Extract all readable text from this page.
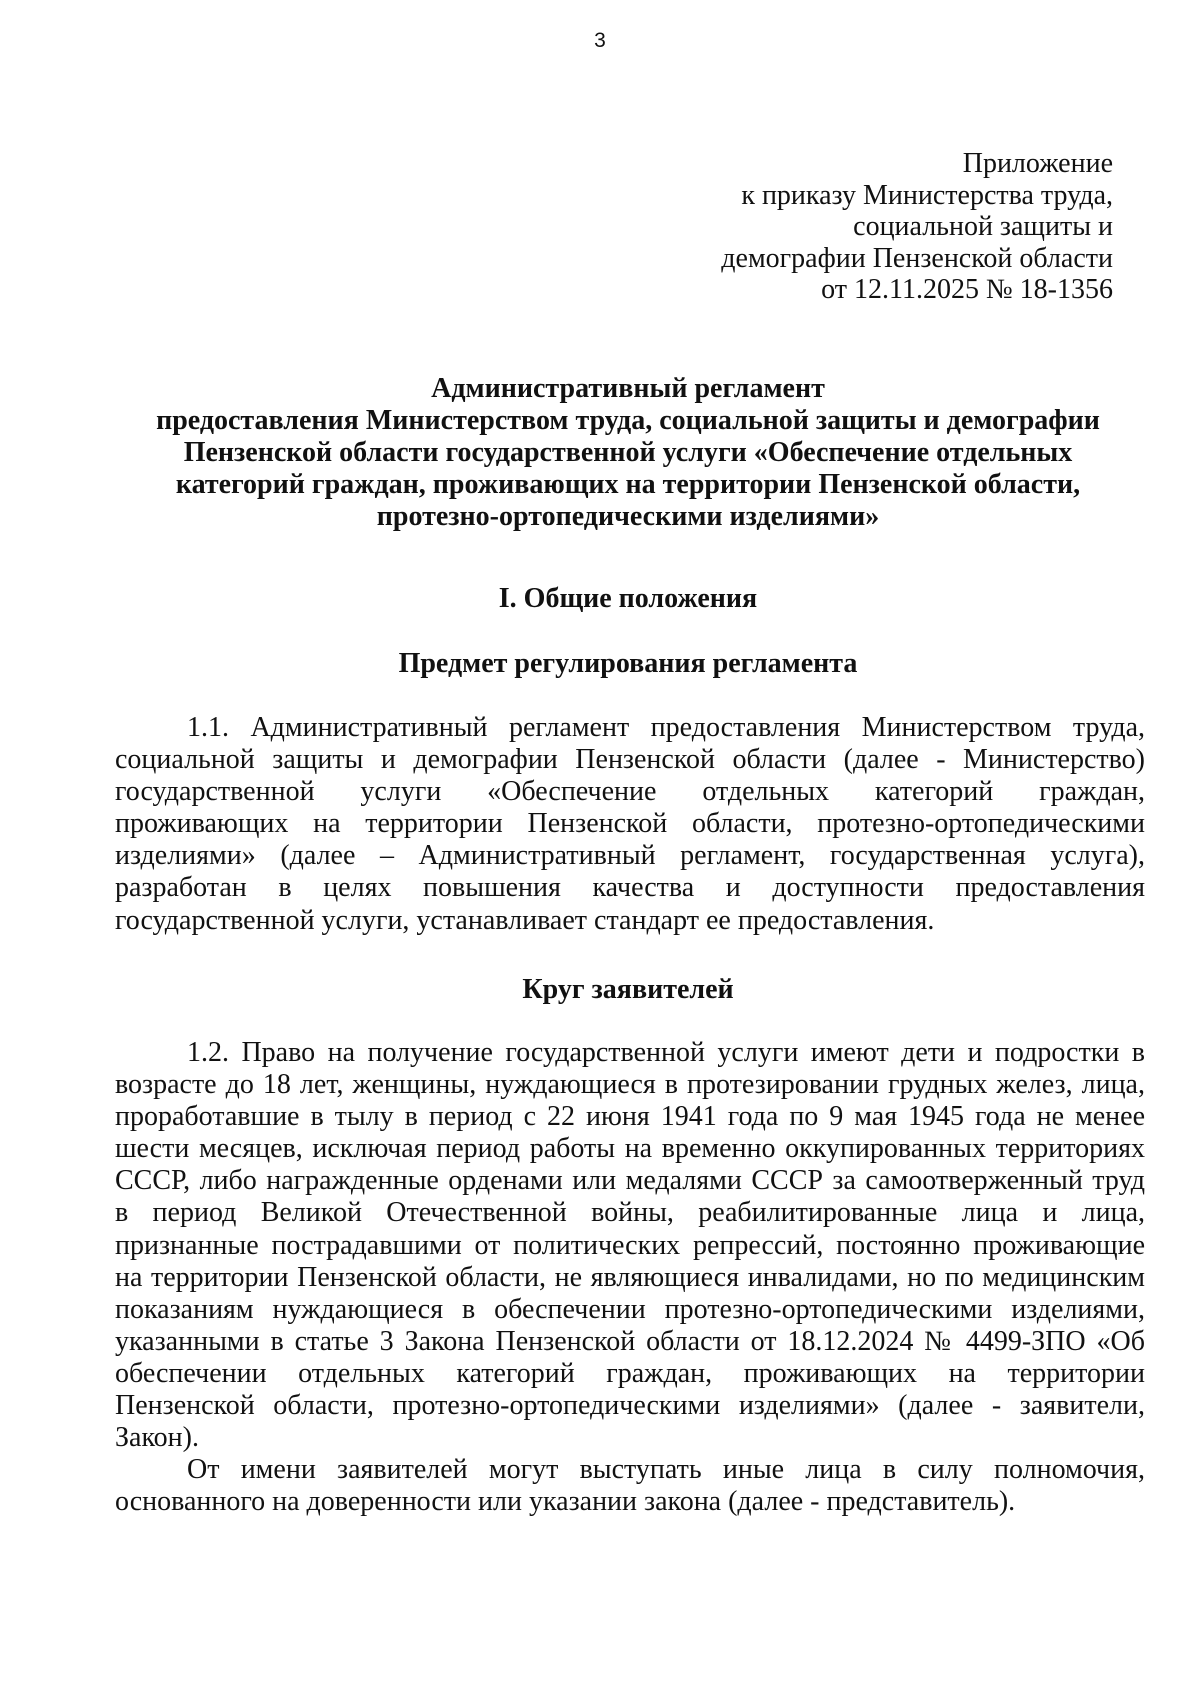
3
Приложение
к приказу Министерства труда,
социальной защиты и
демографии Пензенской области
от 12.11.2025 № 18-1356
Административный регламент
предоставления Министерством труда, социальной защиты и демографии
Пензенской области государственной услуги «Обеспечение отдельных
категорий граждан, проживающих на территории Пензенской области,
протезно-ортопедическими изделиями»
I. Общие положения
Предмет регулирования регламента
1.1. Административный регламент предоставления Министерством труда,
социальной защиты и демографии Пензенской области (далее - Министерство)
государственной услуги «Обеспечение отдельных категорий граждан,
проживающих на территории Пензенской области, протезно-ортопедическими
изделиями» (далее – Административный регламент, государственная услуга),
разработан в целях повышения качества и доступности предоставления
государственной услуги, устанавливает стандарт ее предоставления.
Круг заявителей
1.2. Право на получение государственной услуги имеют дети и подростки в
возрасте до 18 лет, женщины, нуждающиеся в протезировании грудных желез, лица,
проработавшие в тылу в период с 22 июня 1941 года по 9 мая 1945 года не менее
шести месяцев, исключая период работы на временно оккупированных территориях
СССР, либо награжденные орденами или медалями СССР за самоотверженный труд
в период Великой Отечественной войны, реабилитированные лица и лица,
признанные пострадавшими от политических репрессий, постоянно проживающие
на территории Пензенской области, не являющиеся инвалидами, но по медицинским
показаниям нуждающиеся в обеспечении протезно-ортопедическими изделиями,
указанными в статье 3 Закона Пензенской области от 18.12.2024 № 4499-ЗПО «Об
обеспечении отдельных категорий граждан, проживающих на территории
Пензенской области, протезно-ортопедическими изделиями» (далее - заявители,
Закон).
От имени заявителей могут выступать иные лица в силу полномочия,
основанного на доверенности или указании закона (далее - представитель).
